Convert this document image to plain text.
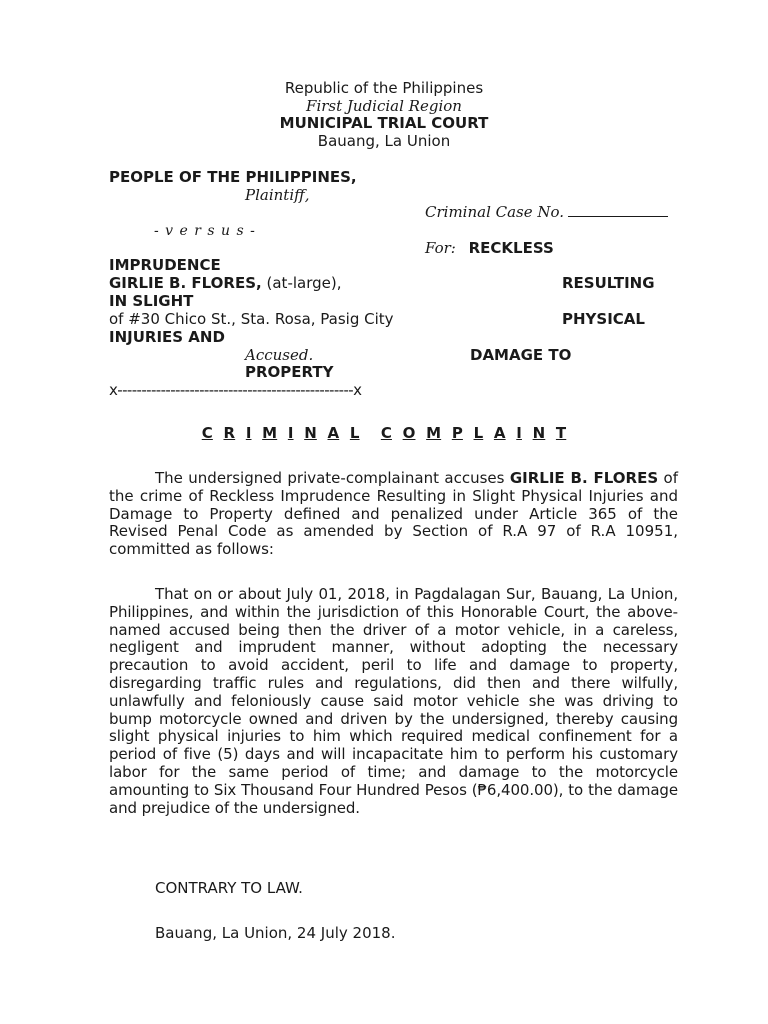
Republic of the Philippines
First Judicial Region
MUNICIPAL TRIAL COURT
Bauang, La Union
PEOPLE OF THE PHILIPPINES,
Plaintiff,
Criminal Case No.
- v e r s u s -
For: RECKLESS
IMPRUDENCE
GIRLIE B. FLORES, (at-large),	RESULTING
IN SLIGHT
of #30 Chico St., Sta. Rosa, Pasig City	PHYSICAL
INJURIES AND
Accused.	DAMAGE TO
PROPERTY
x-------------------------------------------------x
C R I M I N A L C O M P L A I N T
The undersigned private-complainant accuses GIRLIE B. FLORES of the crime of Reckless Imprudence Resulting in Slight Physical Injuries and Damage to Property defined and penalized under Article 365 of the Revised Penal Code as amended by Section of R.A 97 of R.A 10951, committed as follows:
That on or about July 01, 2018, in Pagdalagan Sur, Bauang, La Union, Philippines, and within the jurisdiction of this Honorable Court, the above-named accused being then the driver of a motor vehicle, in a careless, negligent and imprudent manner, without adopting the necessary precaution to avoid accident, peril to life and damage to property, disregarding traffic rules and regulations, did then and there wilfully, unlawfully and feloniously cause said motor vehicle she was driving to bump motorcycle owned and driven by the undersigned, thereby causing slight physical injuries to him which required medical confinement for a period of five (5) days and will incapacitate him to perform his customary labor for the same period of time; and damage to the motorcycle amounting to Six Thousand Four Hundred Pesos (₱6,400.00), to the damage and prejudice of the undersigned.
CONTRARY TO LAW.
Bauang, La Union, 24 July 2018.
